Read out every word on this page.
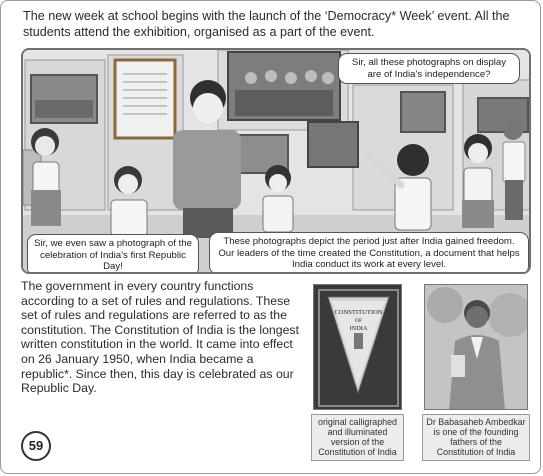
The new week at school begins with the launch of the ‘Democracy* Week’ event. All the students attend the exhibition, organised as a part of the event.

Sir, all these photographs on display are of India’s independence?
Sir, we even saw a photograph of the celebration of India’s first Republic Day!
These photographs depict the period just after India gained freedom. Our leaders of the time created the Constitution, a document that helps India conduct its work at every level.

The government in every country functions according to a set of rules and regulations. These set of rules and regulations are referred to as the constitution. The Constitution of India is the longest written constitution in the world. It came into effect on 26 January 1950, when India became a republic*. Since then, this day is celebrated as our Republic Day.

CONSTITUTION
OF
INDIA
original calligraphed and illuminated version of the Constitution of India
Dr Babasaheb Ambedkar is one of the founding fathers of the Constitution of India
59
